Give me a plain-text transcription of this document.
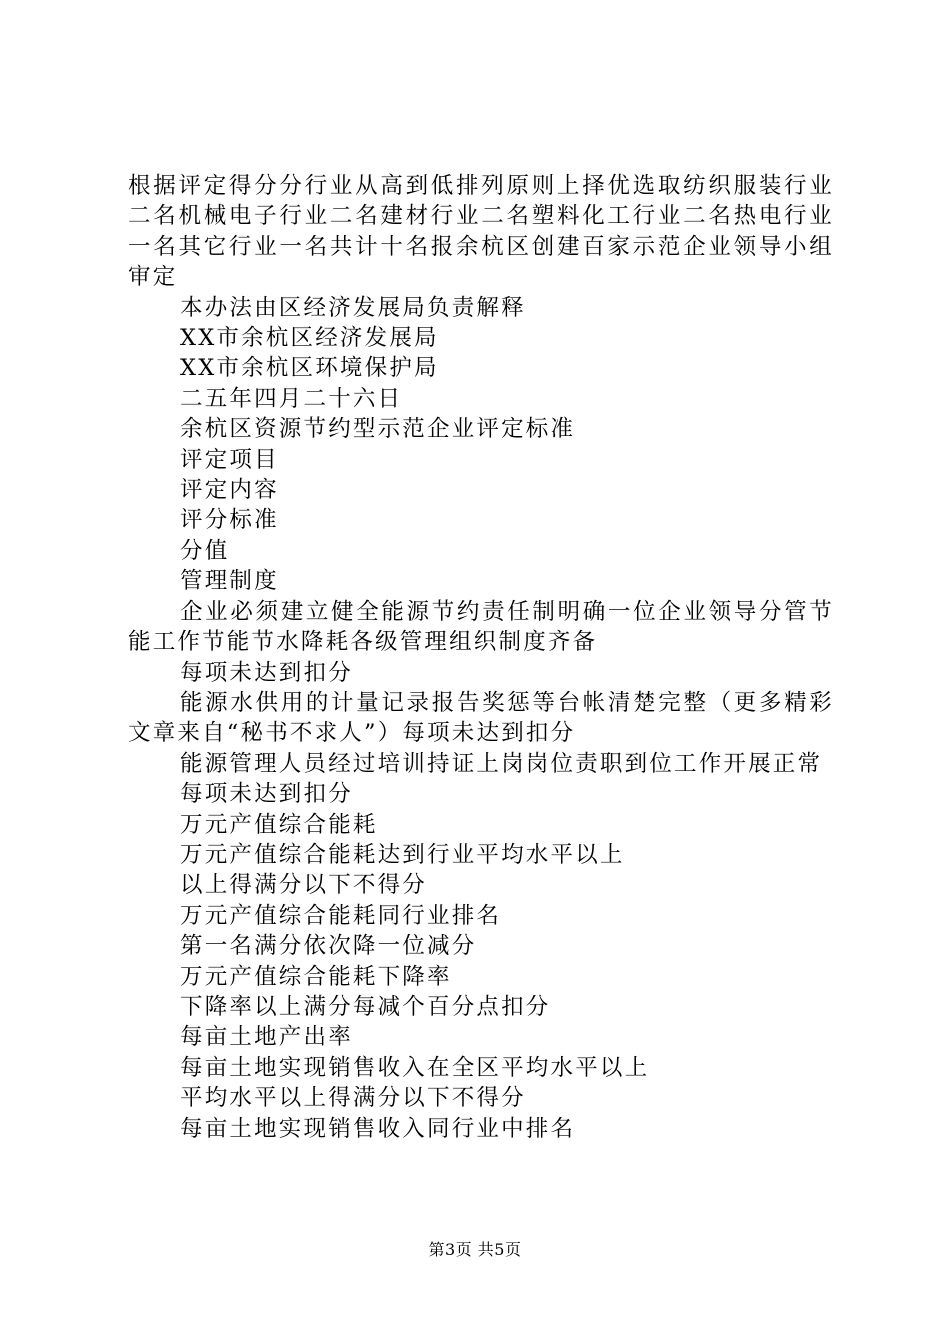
根据评定得分分行业从高到低排列原则上择优选取纺织服装行业二名机械电子行业二名建材行业二名塑料化工行业二名热电行业一名其它行业一名共计十名报余杭区创建百家示范企业领导小组审定

本办法由区经济发展局负责解释

XX市余杭区经济发展局

XX市余杭区环境保护局

二五年四月二十六日

余杭区资源节约型示范企业评定标准

评定项目

评定内容

评分标准

分值

管理制度

企业必须建立健全能源节约责任制明确一位企业领导分管节能工作节能节水降耗各级管理组织制度齐备

每项未达到扣分

能源水供用的计量记录报告奖惩等台帐清楚完整（更多精彩文章来自“秘书不求人”）每项未达到扣分

能源管理人员经过培训持证上岗岗位责职到位工作开展正常

每项未达到扣分

万元产值综合能耗

万元产值综合能耗达到行业平均水平以上

以上得满分以下不得分

万元产值综合能耗同行业排名

第一名满分依次降一位减分

万元产值综合能耗下降率

下降率以上满分每减个百分点扣分

每亩土地产出率

每亩土地实现销售收入在全区平均水平以上

平均水平以上得满分以下不得分

每亩土地实现销售收入同行业中排名

第3页 共5页
